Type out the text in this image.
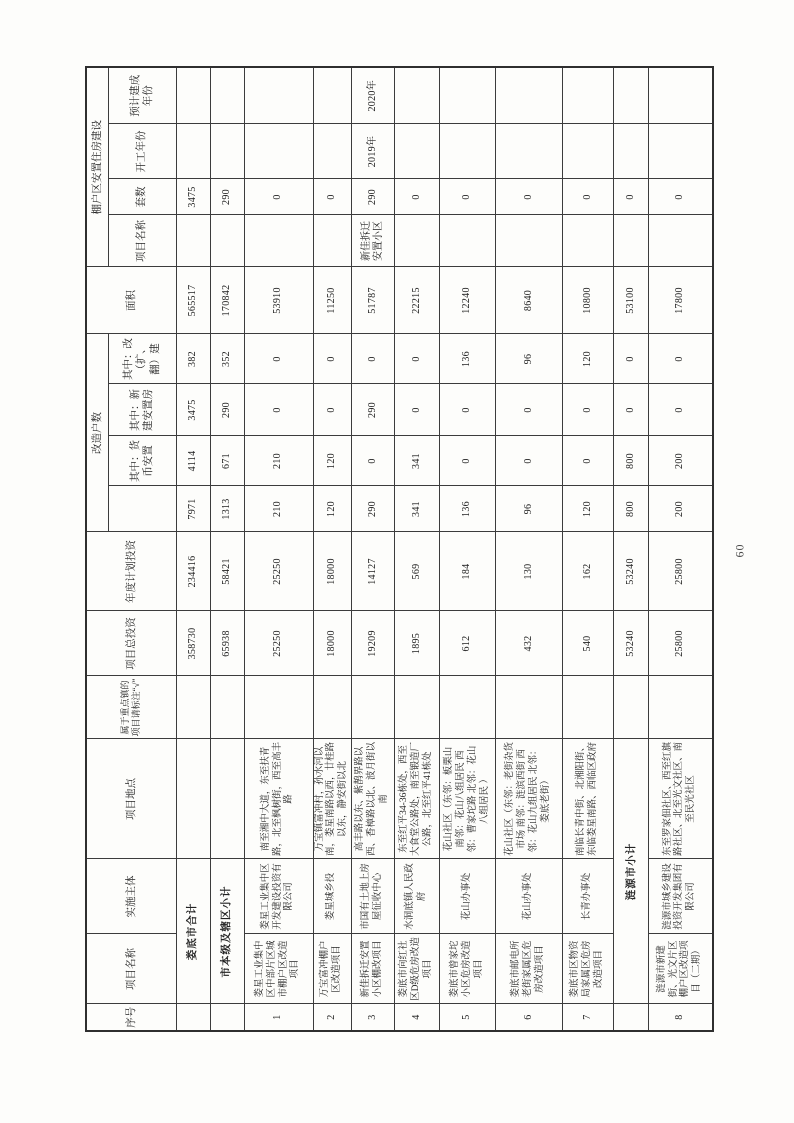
序号	项目名称	实施主体	项目地点	属于重点镇的项目请标注“√”	项目总投资	年度计划投资	改造户数				面积	棚户区安置住房建设			
								其中：货币安置	其中：新建安置房	其中：改（扩、翻）建		项目名称	套数	开工年份	预计建成年份
	娄底市合计				358730	234416	7971	4114	3475	382	565517		3475		
	市本级及辖区小计				65938	58421	1313	671	290	352	170842		290		
1	娄星工业集中区中部片区城市棚户区改造项目	娄星工业集中区开发建设投资有限公司	南至湘中大道，东至扶青路，北至枫树街，西至高丰路		25250	25250	210	210	0	0	53910		0		
2	万宝富冲棚户区改造项目	娄星城乡投	万宝镇富冲村，孙水河以南，娄星南路以西，廿桂路以东，静安街以北		18000	18000	120	120	0	0	11250		0		
3	新佳拆迁安置小区棚改项目	市国有土地上房屋征收中心	高丰路以东、紫鹊界路以西、香樟路以北、波月街以南		19209	14127	290	0	290	0	51787	新佳拆迁安置小区	290	2019年	2020年
4	娄底市向红社区D级危房改造项目	水洞底镇人民政府	东至红平34-36栋处，西至大食堂公路处，南至锻造厂公路，北至红平41栋处		1895	569	341	341	0	0	22215		0		
5	娄底市曾家坨小区危房改造项目	花山办事处	花山社区（东邻：板栗山 南邻：花山八组居民 西邻：曹家坨路 北邻：花山八组居民 ）		612	184	136	0	0	136	12240		0		
6	娄底市邮电所老街家属区危房改造项目	花山办事处	花山社区（东邻：老街杂货市场 南邻：涟滨西街 西邻：花山九组居民 北邻：娄底老街）		432	130	96	0	0	96	8640		0		
7	娄底市区物资局家属区危房改造项目	长青办事处	南临长青中街、北湘阳街、东临娄星南路、西临区政府		540	162	120	0	0	120	10800		0		
	涟源市小计				53240	53240	800	800	0	0	53100		0		
8	涟源市新建街、光文片区棚户区改造项目（二期）	涟源市城乡建设投资开发集团有限公司	东至罗家佃社区、西至红旗路社区、北至光文社区、南至民光社区		25800	25800	200	200	0	0	17800		0		
60
